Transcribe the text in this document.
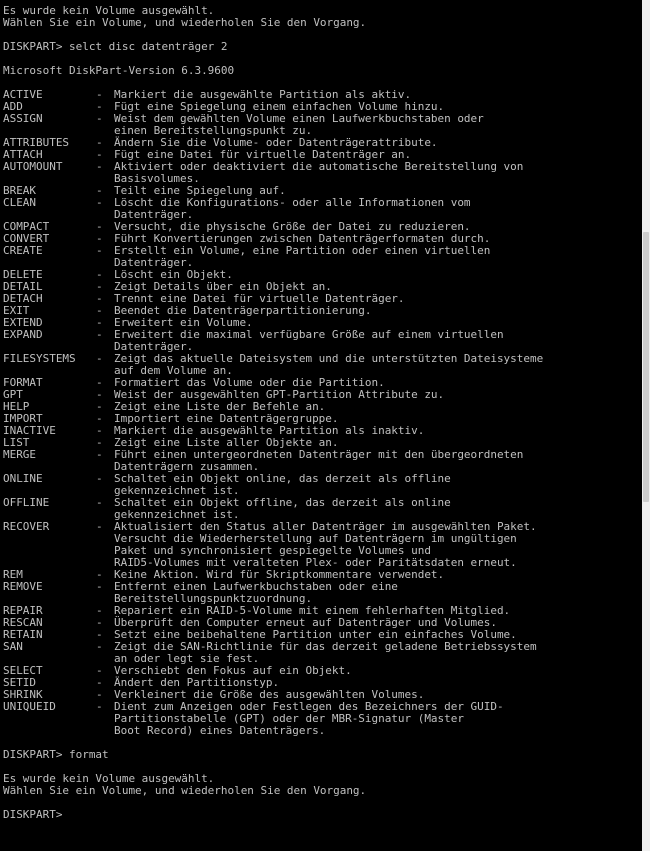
Es wurde kein Volume ausgewählt.
Wählen Sie ein Volume, und wiederholen Sie den Vorgang.
DISKPART> selct disc datenträger 2
Microsoft DiskPart-Version 6.3.9600
ACTIVE	- Markiert die ausgewählte Partition als aktiv.
ADD	- Fügt eine Spiegelung einem einfachen Volume hinzu.
ASSIGN	- Weist dem gewählten Volume einen Laufwerkbuchstaben oder
einen Bereitstellungspunkt zu.
ATTRIBUTES - Ändern Sie die Volume- oder Datenträgerattribute.
ATTACH	- Fügt eine Datei für virtuelle Datenträger an.
AUTOMOUNT	- Aktiviert oder deaktiviert die automatische Bereitstellung von
Basisvolumes.
BREAK	- Teilt eine Spiegelung auf.
CLEAN	- Löscht die Konfigurations- oder alle Informationen vom
Datenträger.
COMPACT	- Versucht, die physische Größe der Datei zu reduzieren.
CONVERT	- Führt Konvertierungen zwischen Datenträgerformaten durch.
CREATE	- Erstellt ein Volume, eine Partition oder einen virtuellen
Datenträger.
DELETE	- Löscht ein Objekt.
DETAIL	- Zeigt Details über ein Objekt an.
DETACH	- Trennt eine Datei für virtuelle Datenträger.
EXIT	- Beendet die Datenträgerpartitionierung.
EXTEND	- Erweitert ein Volume.
EXPAND	- Erweitert die maximal verfügbare Größe auf einem virtuellen
Datenträger.
FILESYSTEMS - Zeigt das aktuelle Dateisystem und die unterstützten Dateisysteme
auf dem Volume an.
FORMAT	- Formatiert das Volume oder die Partition.
GPT	- Weist der ausgewählten GPT-Partition Attribute zu.
HELP	- Zeigt eine Liste der Befehle an.
IMPORT	- Importiert eine Datenträgergruppe.
INACTIVE	- Markiert die ausgewählte Partition als inaktiv.
LIST	- Zeigt eine Liste aller Objekte an.
MERGE	- Führt einen untergeordneten Datenträger mit den übergeordneten
Datenträgern zusammen.
ONLINE	- Schaltet ein Objekt online, das derzeit als offline
gekennzeichnet ist.
OFFLINE	- Schaltet ein Objekt offline, das derzeit als online
gekennzeichnet ist.
RECOVER	- Aktualisiert den Status aller Datenträger im ausgewählten Paket.
Versucht die Wiederherstellung auf Datenträgern im ungültigen
Paket und synchronisiert gespiegelte Volumes und
RAID5-Volumes mit veralteten Plex- oder Paritätsdaten erneut.
REM	- Keine Aktion. Wird für Skriptkommentare verwendet.
REMOVE	- Entfernt einen Laufwerkbuchstaben oder eine
Bereitstellungspunktzuordnung.
REPAIR	- Repariert ein RAID-5-Volume mit einem fehlerhaften Mitglied.
RESCAN	- Überprüft den Computer erneut auf Datenträger und Volumes.
RETAIN	- Setzt eine beibehaltene Partition unter ein einfaches Volume.
SAN	- Zeigt die SAN-Richtlinie für das derzeit geladene Betriebssystem
an oder legt sie fest.
SELECT	- Verschiebt den Fokus auf ein Objekt.
SETID	- Ändert den Partitionstyp.
SHRINK	- Verkleinert die Größe des ausgewählten Volumes.
UNIQUEID	- Dient zum Anzeigen oder Festlegen des Bezeichners der GUID-
Partitionstabelle (GPT) oder der MBR-Signatur (Master
Boot Record) eines Datenträgers.
DISKPART> format
Es wurde kein Volume ausgewählt.
Wählen Sie ein Volume, und wiederholen Sie den Vorgang.
DISKPART>
